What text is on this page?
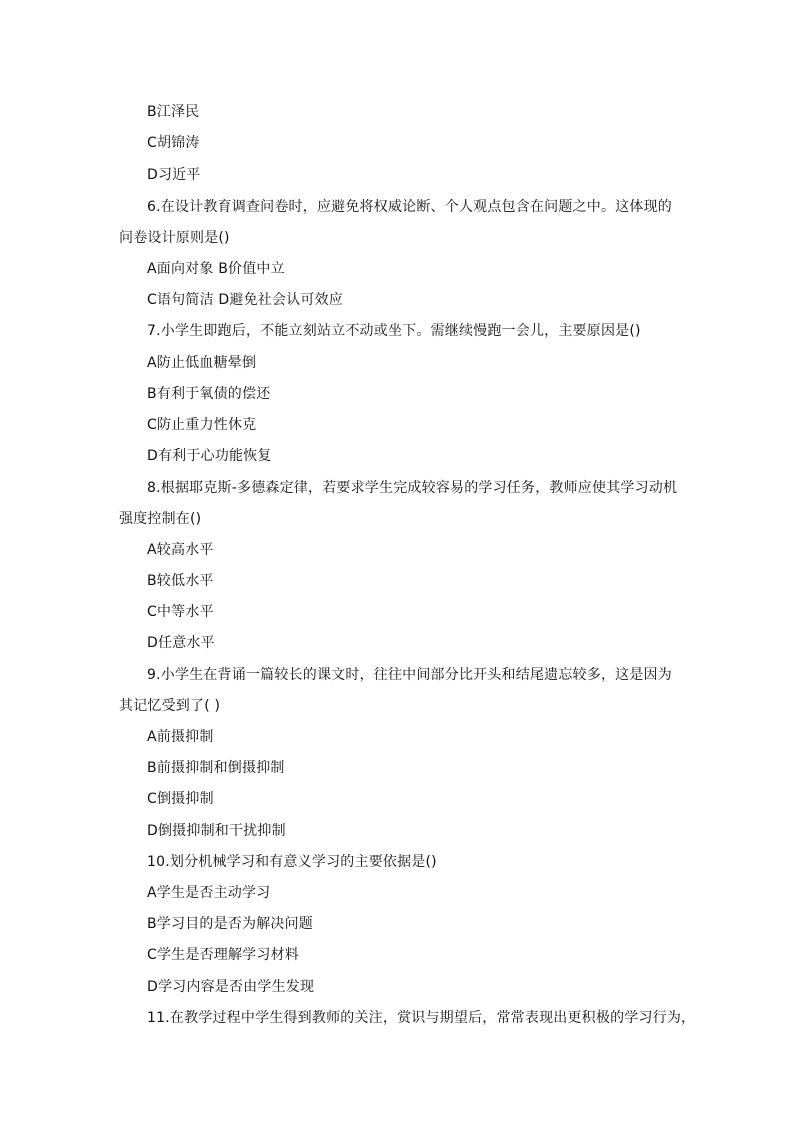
B江泽民
C胡锦涛
D习近平
6.在设计教育调查问卷时，应避免将权威论断、个人观点包含在问题之中。这体现的
问卷设计原则是()
A面向对象 B价值中立
C语句简洁 D避免社会认可效应
7.小学生即跑后，不能立刻站立不动或坐下。需继续慢跑一会儿，主要原因是()
A防止低血糖晕倒
B有利于氧债的偿还
C防止重力性休克
D有利于心功能恢复
8.根据耶克斯-多德森定律，若要求学生完成较容易的学习任务，教师应使其学习动机
强度控制在()
A较高水平
B较低水平
C中等水平
D任意水平
9.小学生在背诵一篇较长的课文时，往往中间部分比开头和结尾遗忘较多，这是因为
其记忆受到了( )
A前摄抑制
B前摄抑制和倒摄抑制
C倒摄抑制
D倒摄抑制和干扰抑制
10.划分机械学习和有意义学习的主要依据是()
A学生是否主动学习
B学习目的是否为解决问题
C学生是否理解学习材料
D学习内容是否由学生发现
11.在教学过程中学生得到教师的关注，赏识与期望后，常常表现出更积极的学习行为，
